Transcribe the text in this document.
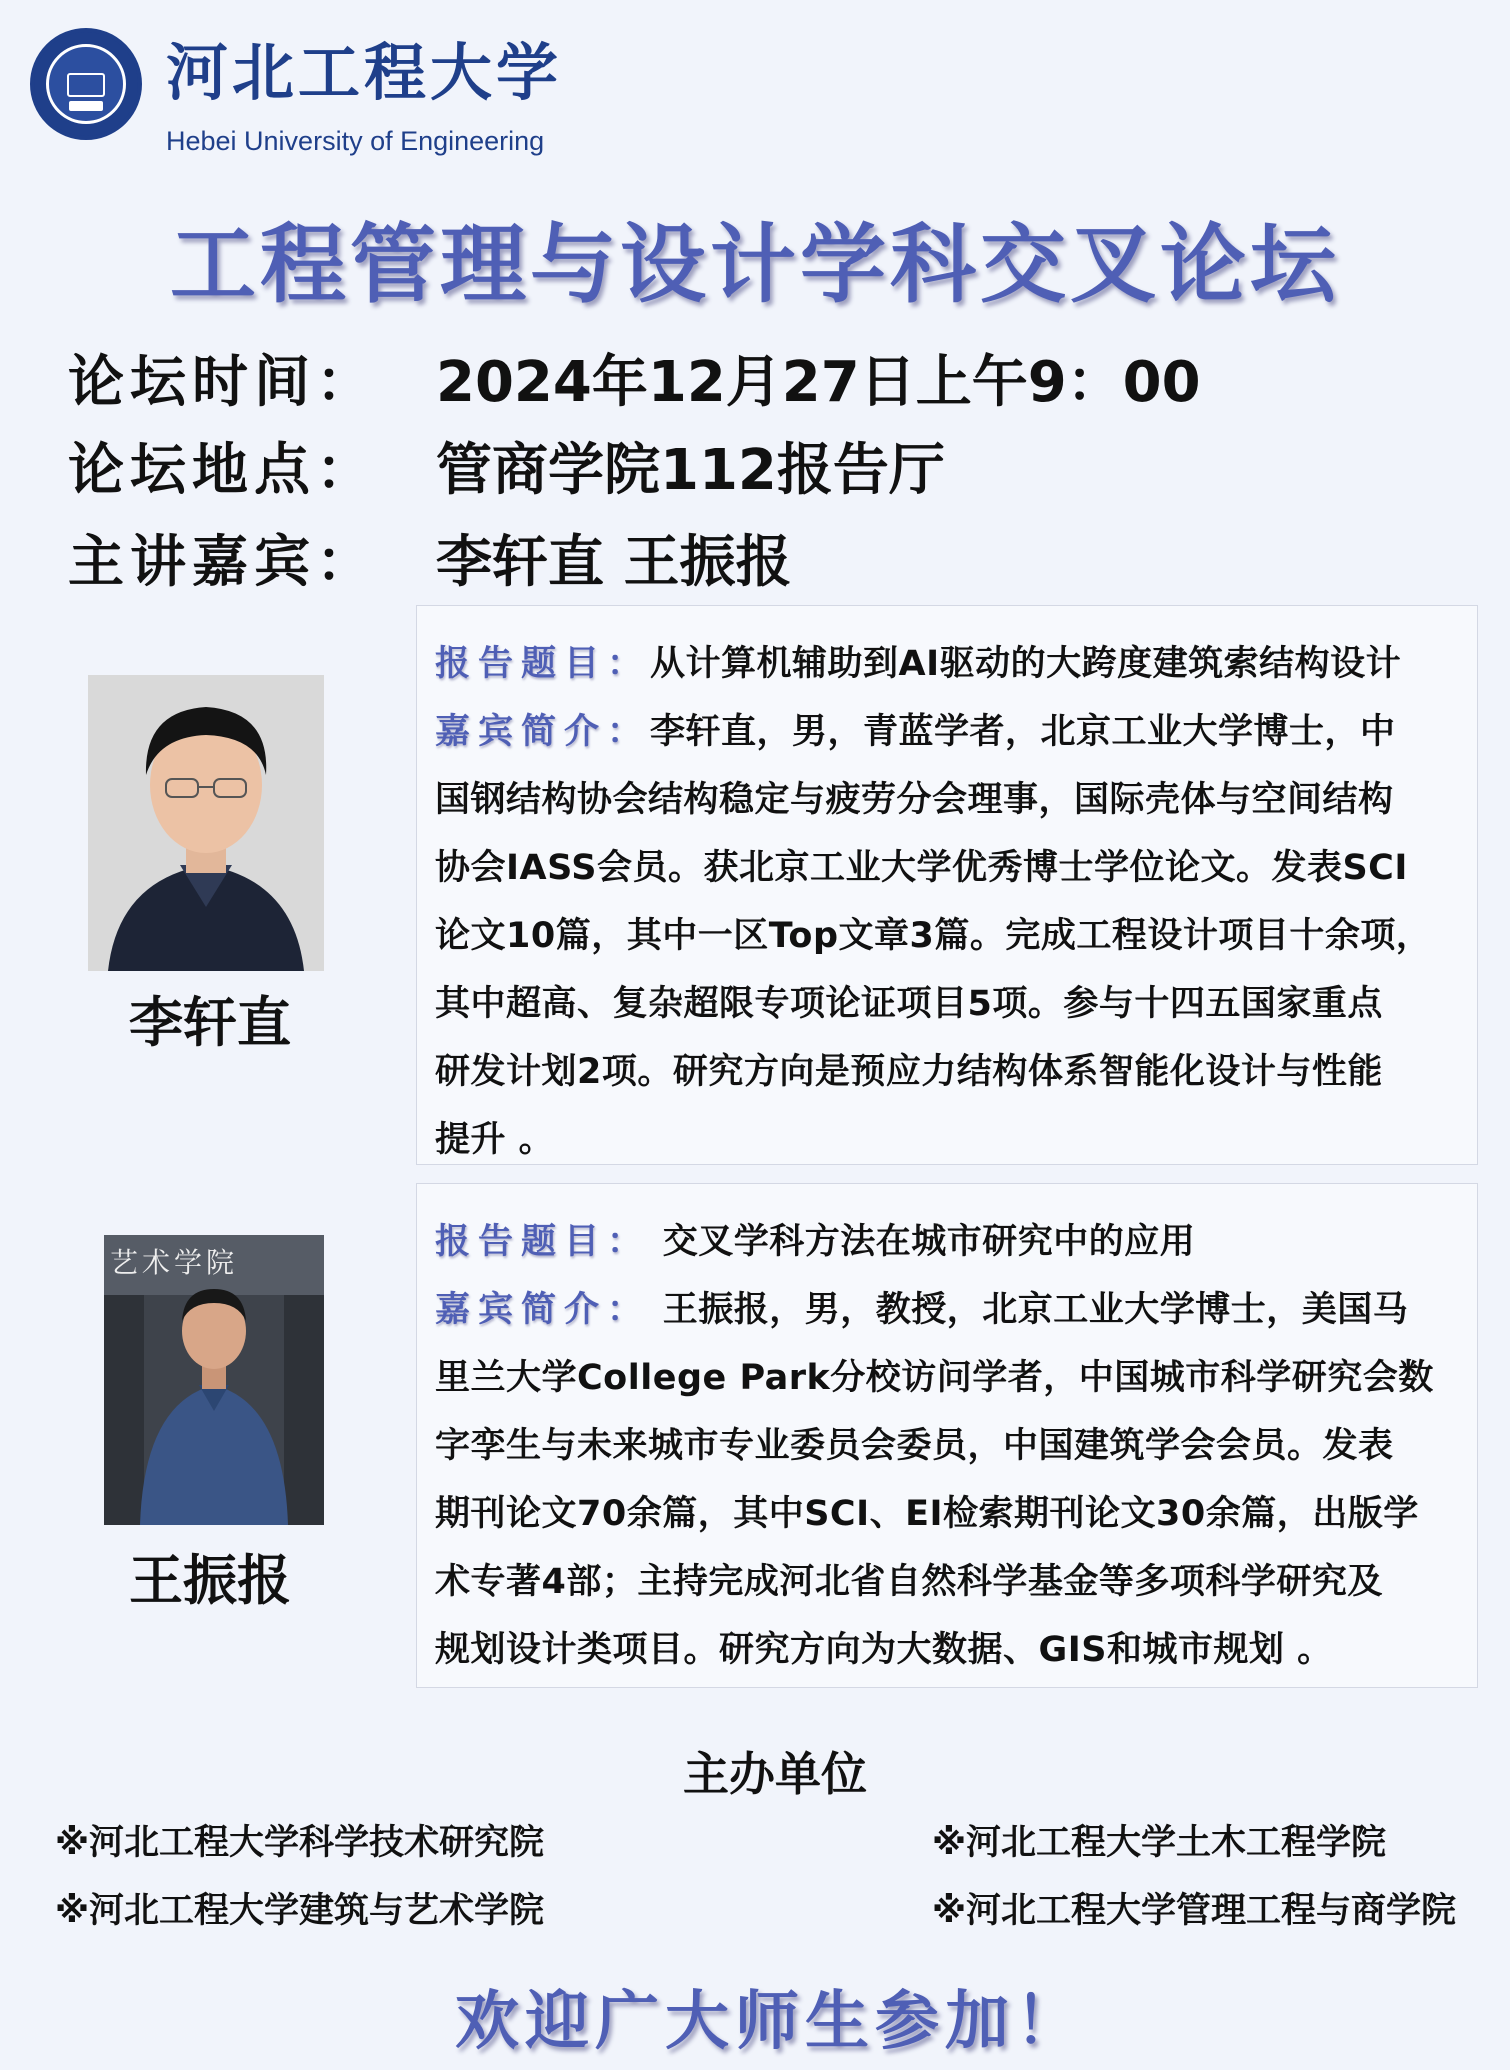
河北工程大学
Hebei University of Engineering
工程管理与设计学科交叉论坛
论坛时间： 2024年12月27日上午9：00
论坛地点： 管商学院112报告厅
主讲嘉宾： 李轩直 王振报
李轩直
报告题目：从计算机辅助到AI驱动的大跨度建筑索结构设计
嘉宾简介：李轩直，男，青蓝学者，北京工业大学博士，中
国钢结构协会结构稳定与疲劳分会理事，国际壳体与空间结构
协会IASS会员。获北京工业大学优秀博士学位论文。发表SCI
论文10篇，其中一区Top文章3篇。完成工程设计项目十余项，
其中超高、复杂超限专项论证项目5项。参与十四五国家重点
研发计划2项。研究方向是预应力结构体系智能化设计与性能
提升 。
艺术学院
王振报
报告题目： 交叉学科方法在城市研究中的应用
嘉宾简介： 王振报，男，教授，北京工业大学博士，美国马
里兰大学College Park分校访问学者，中国城市科学研究会数
字孪生与未来城市专业委员会委员，中国建筑学会会员。发表
期刊论文70余篇，其中SCI、EI检索期刊论文30余篇，出版学
术专著4部；主持完成河北省自然科学基金等多项科学研究及
规划设计类项目。研究方向为大数据、GIS和城市规划 。
主办单位
※河北工程大学科学技术研究院	※河北工程大学土木工程学院
※河北工程大学建筑与艺术学院	※河北工程大学管理工程与商学院
欢迎广大师生参加！
